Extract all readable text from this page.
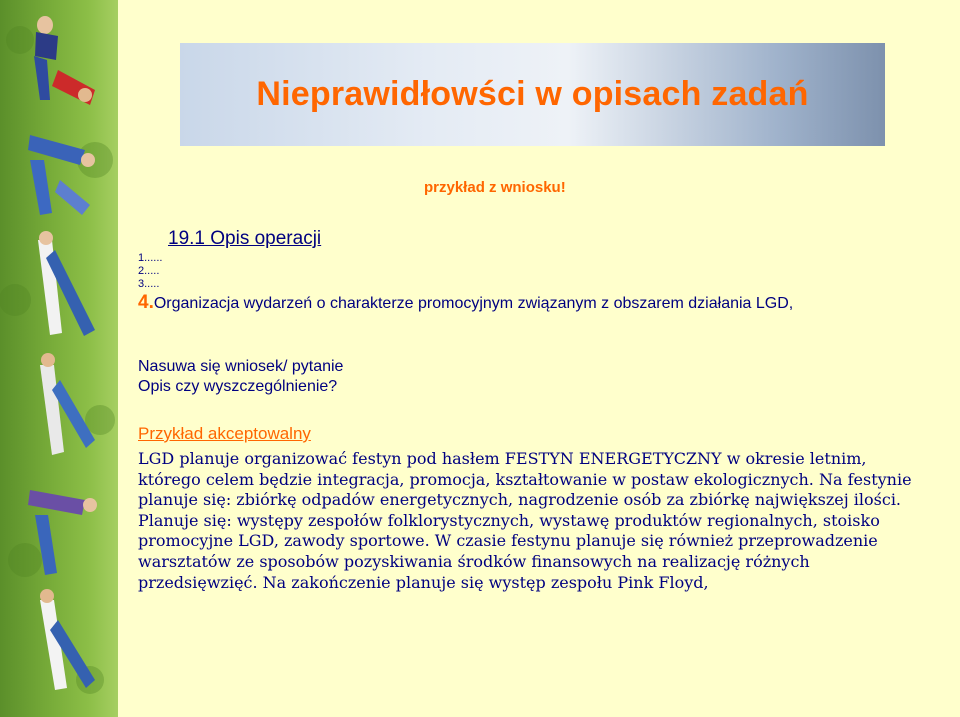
Nieprawidłowści w opisach zadań
przykład z wniosku!
19.1 Opis operacji
1......
2.....
3.....
4.Organizacja wydarzeń o charakterze promocyjnym związanym z obszarem działania LGD,
Nasuwa się wniosek/ pytanie
Opis czy wyszczególnienie?
Przykład akceptowalny

LGD planuje organizować festyn pod hasłem FESTYN ENERGETYCZNY w okresie letnim, którego celem będzie integracja, promocja, kształtowanie w postaw ekologicznych. Na festynie planuje się: zbiórkę odpadów energetycznych, nagrodzenie osób za zbiórkę największej ilości. Planuje się: występy zespołów folklorystycznych, wystawę produktów regionalnych, stoisko promocyjne LGD, zawody sportowe. W czasie festynu planuje się również przeprowadzenie warsztatów ze sposobów pozyskiwania środków finansowych na realizację różnych przedsięwzięć. Na zakończenie planuje się występ zespołu Pink Floyd,
